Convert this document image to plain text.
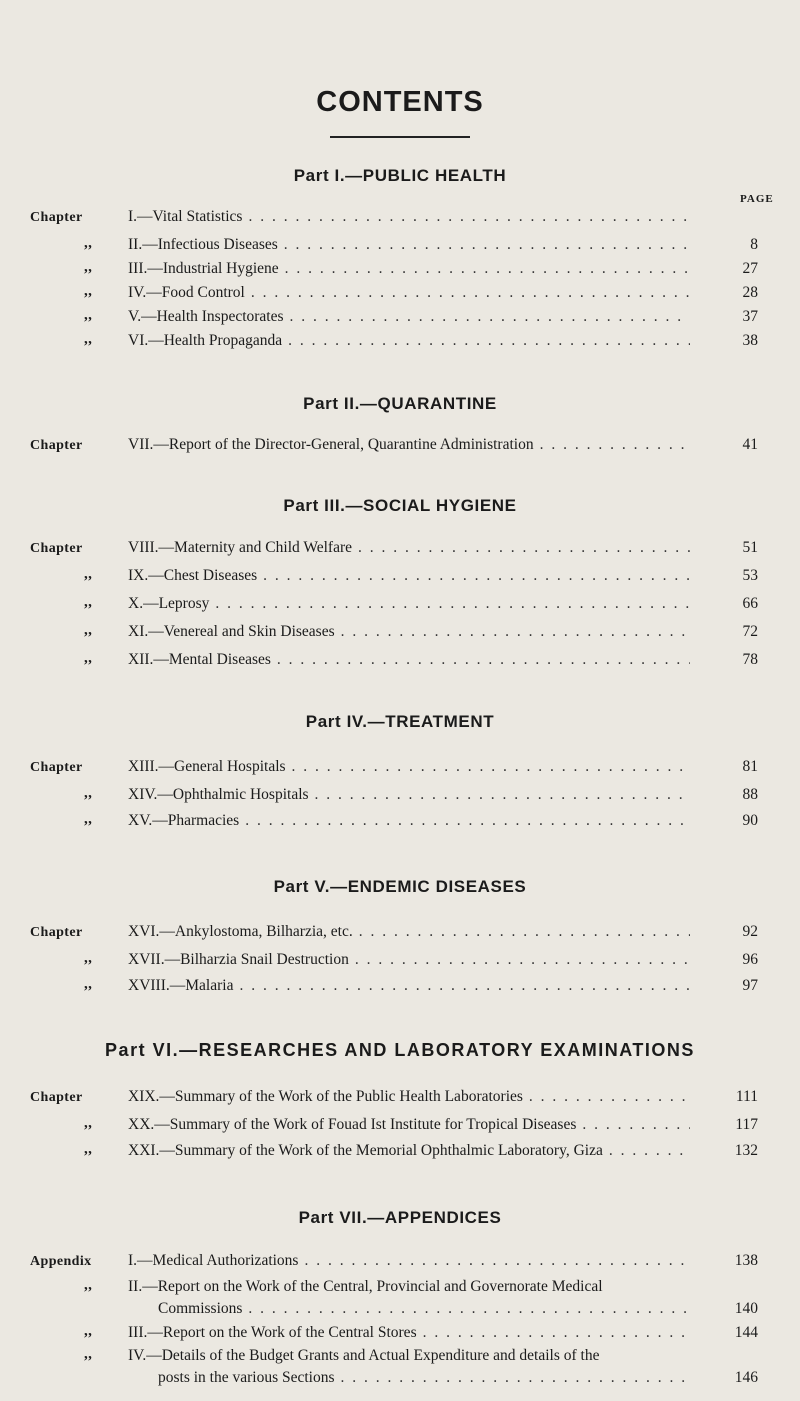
CONTENTS
PAGE
Part I.—PUBLIC HEALTH
Chapter	I.—Vital Statistics
. . .
,, II.—Infectious Diseases . . .	8
,, III.—Industrial Hygiene . . .	27
,, IV.—Food Control . . .	28
,, V.—Health Inspectorates . . .	37
,, VI.—Health Propaganda . . .	38
Part II.—QUARANTINE
Chapter	VII.—Report of the Director-General, Quarantine Administration . . .	41
Part III.—SOCIAL HYGIENE
Chapter	VIII.—Maternity and Child Welfare . . .	51
,, IX.—Chest Diseases . . .	53
,, X.—Leprosy . . .	66
,, XI.—Venereal and Skin Diseases . . .	72
,, XII.—Mental Diseases . . .	78
Part IV.—TREATMENT
Chapter	XIII.—General Hospitals . . .	81
,, XIV.—Ophthalmic Hospitals . . .	88
,, XV.—Pharmacies . . .	90
Part V.—ENDEMIC DISEASES
Chapter	XVI.—Ankylostoma, Bilharzia, etc. . . .	92
,, XVII.—Bilharzia Snail Destruction . . .	96
,, XVIII.—Malaria . . .	97
Part VI.—RESEARCHES AND LABORATORY EXAMINATIONS
Chapter	XIX.—Summary of the Work of the Public Health Laboratories . . .	111
,, XX.—Summary of the Work of Fouad Ist Institute for Tropical Diseases . . .	117
,, XXI.—Summary of the Work of the Memorial Ophthalmic Laboratory, Giza . . .	132
Part VII.—APPENDICES
Appendix I.—Medical Authorizations . . .	138
,, II.—Report on the Work of the Central, Provincial and Governorate Medical
Commissions . . .	140
,, III.—Report on the Work of the Central Stores . . .	144
,, IV.—Details of the Budget Grants and Actual Expenditure and details of the
posts in the various Sections . . .	146
